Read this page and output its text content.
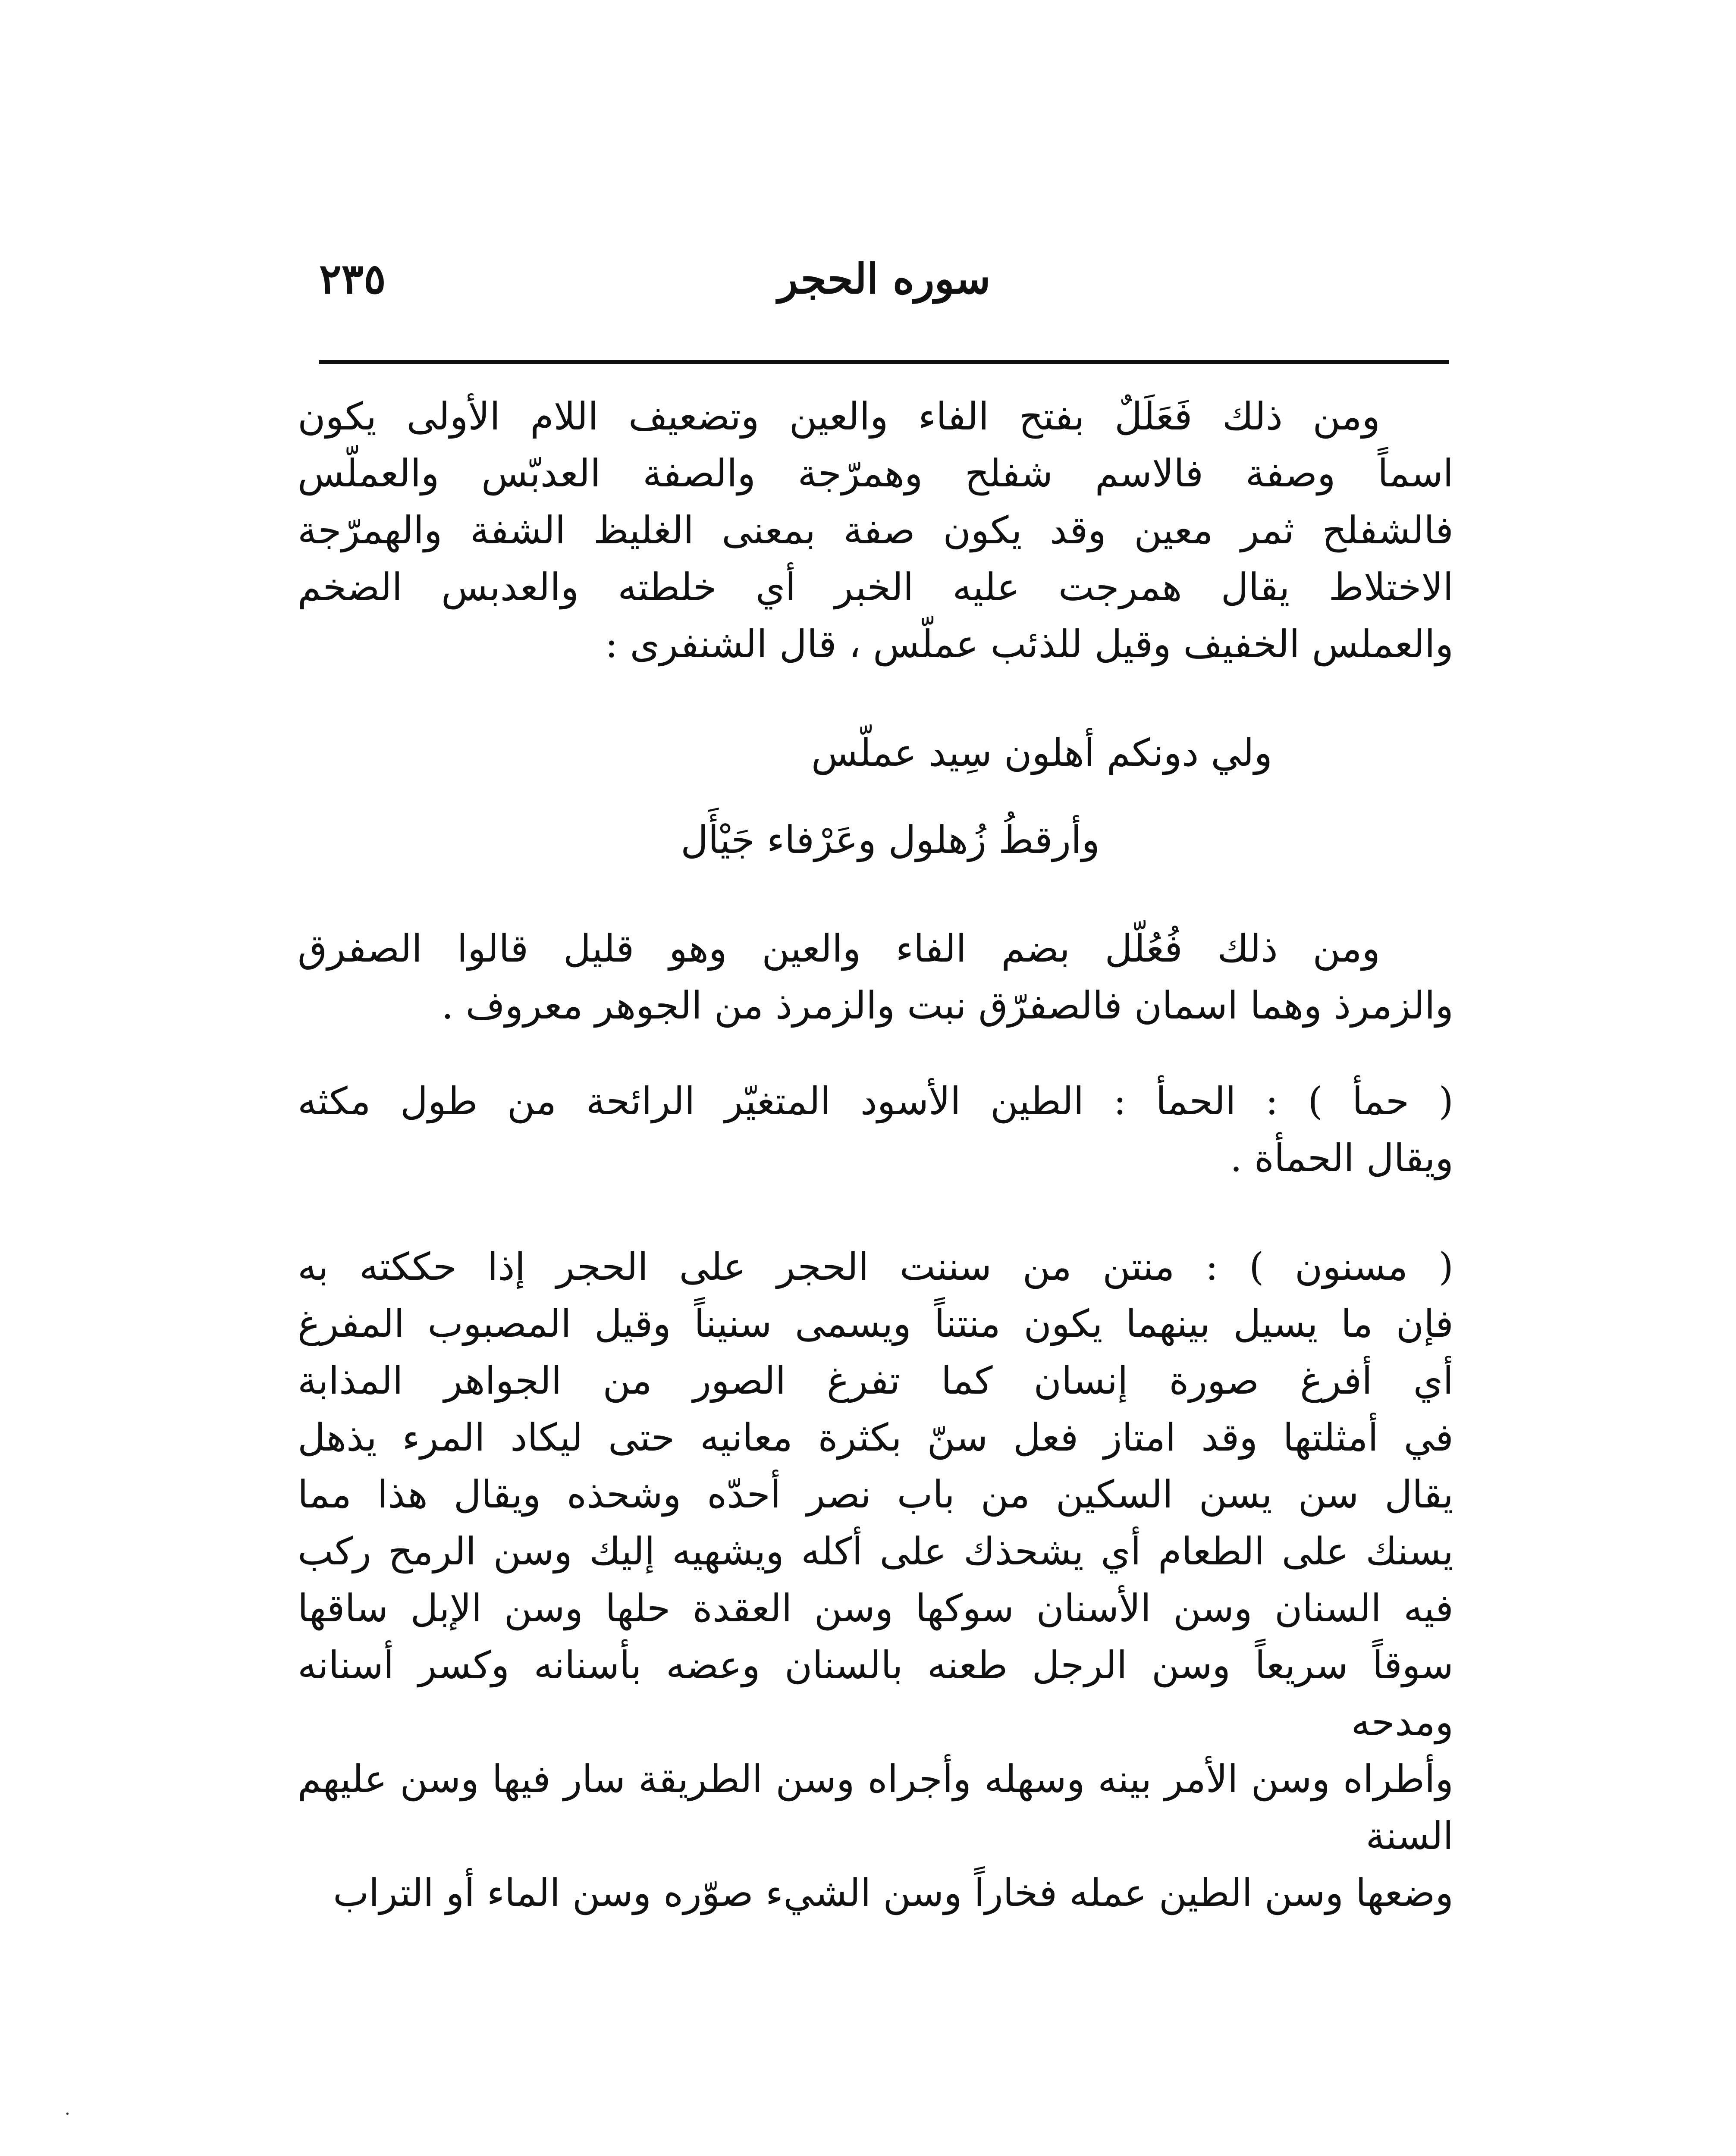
سوره الحجر
٢٣٥

ومن ذلك فَعَلَلٌ بفتح الفاء والعين وتضعيف اللام الأولى يكون
اسماً وصفة فالاسم شفلح وهمرّجة والصفة العدبّس والعملّس
فالشفلح ثمر معين وقد يكون صفة بمعنى الغليظ الشفة والهمرّجة
الاختلاط يقال همرجت عليه الخبر أي خلطته والعدبس الضخم
والعملس الخفيف وقيل للذئب عملّس ، قال الشنفرى :

ولي دونكم أهلون سِيد عملّس
وأرقطُ زُهلول وعَرْفاء جَيْأَل

ومن ذلك فُعُلّل بضم الفاء والعين وهو قليل قالوا الصفرق
والزمرذ وهما اسمان فالصفرّق نبت والزمرذ من الجوهر معروف .

( حمأ ) : الحمأ : الطين الأسود المتغيّر الرائحة من طول مكثه
ويقال الحمأة .

( مسنون ) : منتن من سننت الحجر على الحجر إذا حككته به
فإن ما يسيل بينهما يكون منتناً ويسمى سنيناً وقيل المصبوب المفرغ
أي أفرغ صورة إنسان كما تفرغ الصور من الجواهر المذابة
في أمثلتها وقد امتاز فعل سنّ بكثرة معانيه حتى ليكاد المرء يذهل
يقال سن يسن السكين من باب نصر أحدّه وشحذه ويقال هذا مما
يسنك على الطعام أي يشحذك على أكله ويشهيه إليك وسن الرمح ركب
فيه السنان وسن الأسنان سوكها وسن العقدة حلها وسن الإبل ساقها
سوقاً سريعاً وسن الرجل طعنه بالسنان وعضه بأسنانه وكسر أسنانه ومدحه
وأطراه وسن الأمر بينه وسهله وأجراه وسن الطريقة سار فيها وسن عليهم السنة
وضعها وسن الطين عمله فخاراً وسن الشيء صوّره وسن الماء أو التراب

·
